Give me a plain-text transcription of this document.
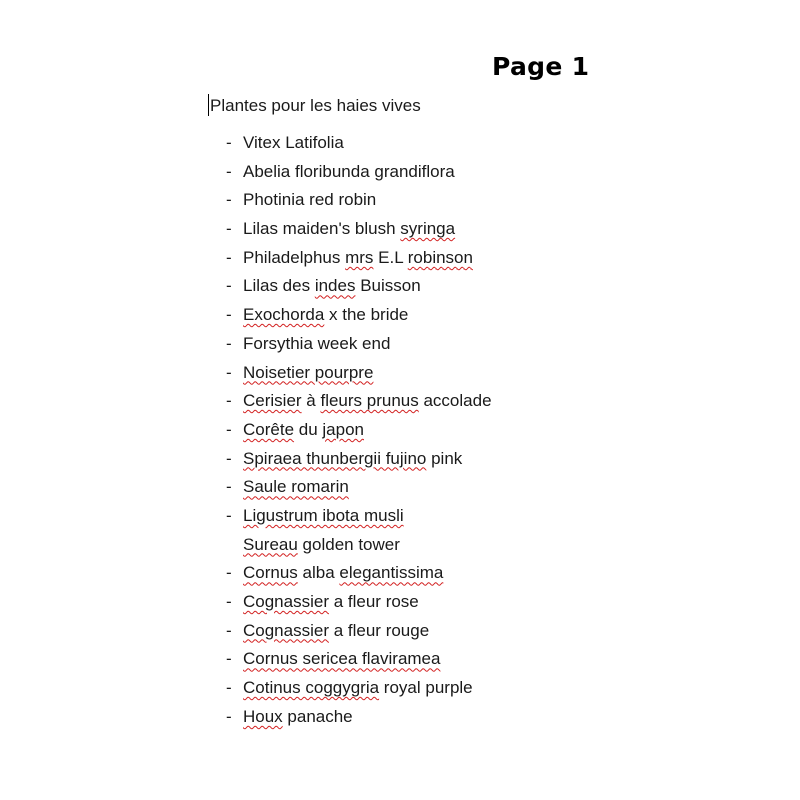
Page 1
Plantes pour les haies vives
- Vitex Latifolia
- Abelia floribunda grandiflora
- Photinia red robin
- Lilas maiden's blush syringa
- Philadelphus mrs E.L robinson
- Lilas des indes Buisson
- Exochorda x the bride
- Forsythia week end
- Noisetier pourpre
- Cerisier à fleurs prunus accolade
- Corête du japon
- Spiraea thunbergii fujino pink
- Saule romarin
- Ligustrum ibota musli
Sureau golden tower
- Cornus alba elegantissima
- Cognassier a fleur rose
- Cognassier a fleur rouge
- Cornus sericea flaviramea
- Cotinus coggygria royal purple
- Houx panache
